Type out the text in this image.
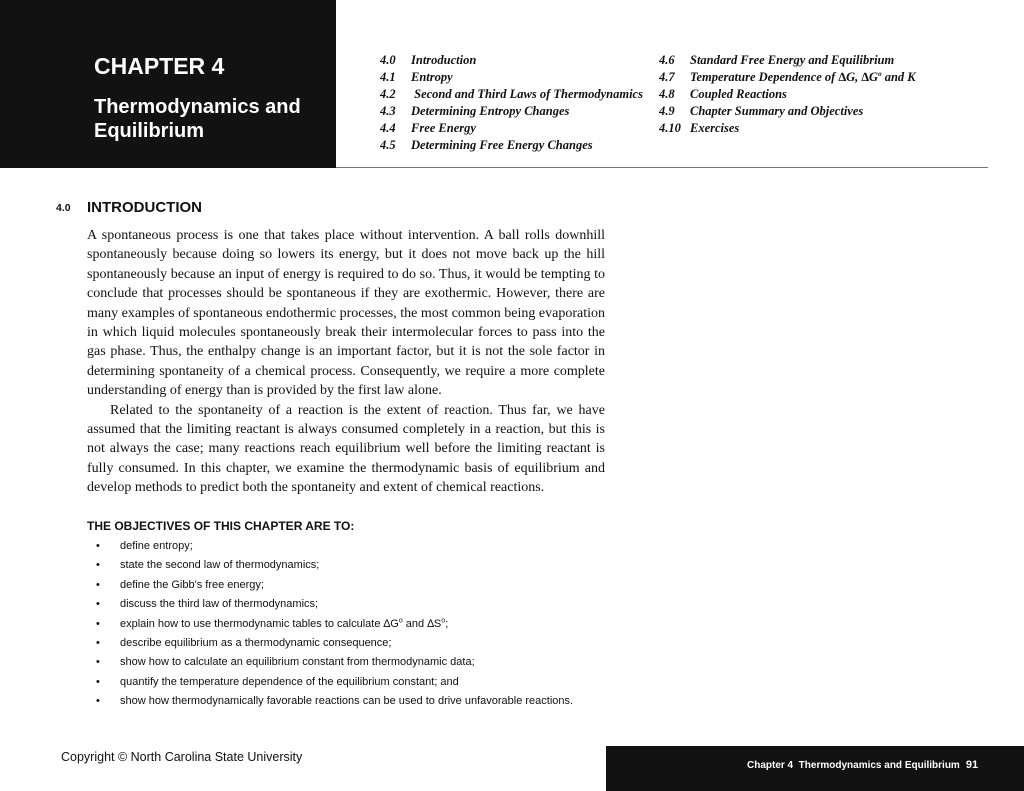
CHAPTER 4
Thermodynamics and Equilibrium
4.0 Introduction
4.1 Entropy
4.2 Second and Third Laws of Thermodynamics
4.3 Determining Entropy Changes
4.4 Free Energy
4.5 Determining Free Energy Changes
4.6 Standard Free Energy and Equilibrium
4.7 Temperature Dependence of ∆G, $\Delta G^o$ and K
4.8 Coupled Reactions
4.9 Chapter Summary and Objectives
4.10 Exercises
4.0 INTRODUCTION

A spontaneous process is one that takes place without intervention. A ball rolls downhill spontaneously because doing so lowers its energy, but it does not move back up the hill spontaneously because an input of energy is required to do so. Thus, it would be tempting to conclude that processes should be spontaneous if they are exothermic. However, there are many examples of spontaneous endothermic processes, the most common being evaporation in which liquid molecules spontaneously break their intermolecular forces to pass into the gas phase. Thus, the enthalpy change is an important factor, but it is not the sole factor in determining spontaneity of a chemical process. Consequently, we require a more complete understanding of energy than is provided by the first law alone.

Related to the spontaneity of a reaction is the extent of reaction. Thus far, we have assumed that the limiting reactant is always consumed completely in a reaction, but this is not always the case; many reactions reach equilibrium well before the limiting reactant is fully consumed. In this chapter, we examine the thermodynamic basis of equilibrium and develop methods to predict both the spontaneity and extent of chemical reactions.

THE OBJECTIVES OF THIS CHAPTER ARE TO:
• define entropy;
• state the second law of thermodynamics;
• define the Gibb's free energy;
• discuss the third law of thermodynamics;
• explain how to use thermodynamic tables to calculate $\Delta G^o$ and $\Delta S^o$;
• describe equilibrium as a thermodynamic consequence;
• show how to calculate an equilibrium constant from thermodynamic data;
• quantify the temperature dependence of the equilibrium constant; and
• show how thermodynamically favorable reactions can be used to drive unfavorable reactions.
Copyright © North Carolina State University
Chapter 4  Thermodynamics and Equilibrium 91
